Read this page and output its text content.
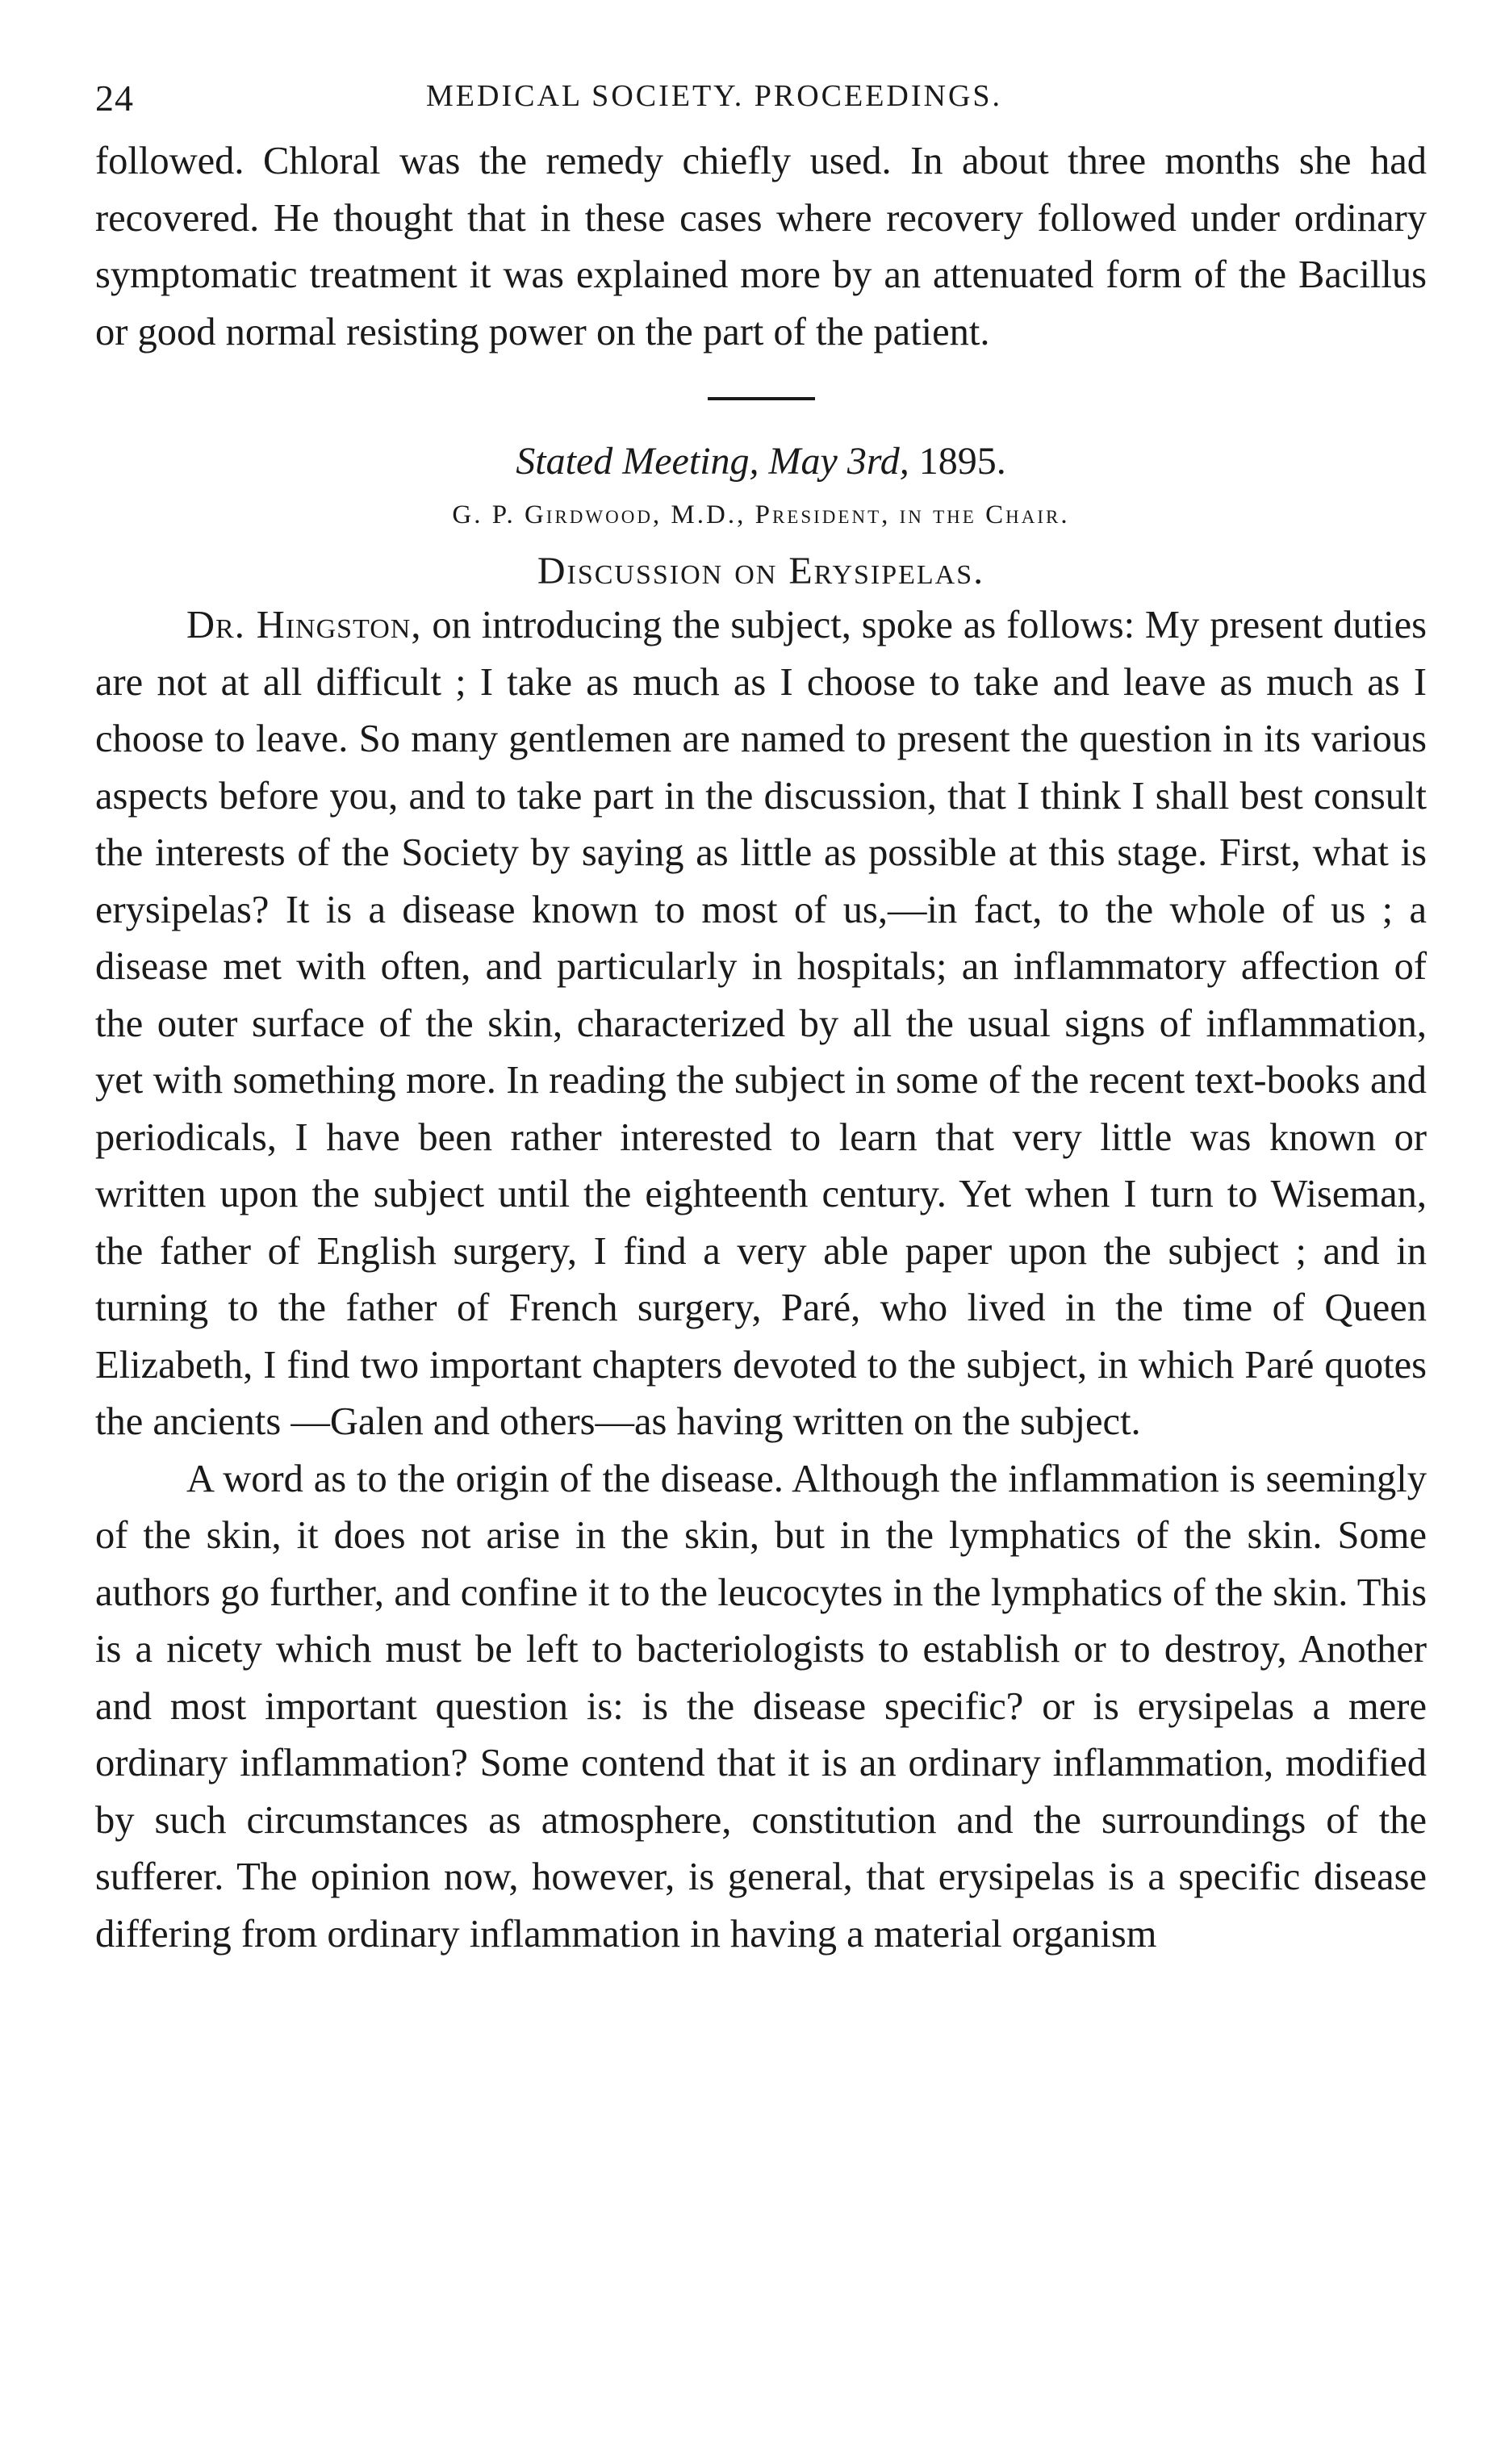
24	MEDICAL SOCIETY. PROCEEDINGS.

followed. Chloral was the remedy chiefly used. In about three months she had recovered. He thought that in these cases where recovery followed under ordinary symptomatic treatment it was explained more by an attenuated form of the Bacillus or good normal resisting power on the part of the patient.

Stated Meeting, May 3rd, 1895.
G. P. Girdwood, M.D., President, in the Chair.
Discussion on Erysipelas.

Dr. Hingston, on introducing the subject, spoke as follows: My present duties are not at all difficult ; I take as much as I choose to take and leave as much as I choose to leave. So many gentlemen are named to present the question in its various aspects before you, and to take part in the discussion, that I think I shall best consult the interests of the Society by saying as little as possible at this stage. First, what is erysipelas? It is a disease known to most of us,—in fact, to the whole of us ; a disease met with often, and particularly in hospitals; an inflammatory affection of the outer surface of the skin, characterized by all the usual signs of inflammation, yet with something more. In reading the subject in some of the recent text-books and periodicals, I have been rather interested to learn that very little was known or written upon the subject until the eighteenth century. Yet when I turn to Wiseman, the father of English surgery, I find a very able paper upon the subject ; and in turning to the father of French surgery, Paré, who lived in the time of Queen Elizabeth, I find two important chapters devoted to the subject, in which Paré quotes the ancients —Galen and others—as having written on the subject.

A word as to the origin of the disease. Although the inflammation is seemingly of the skin, it does not arise in the skin, but in the lymphatics of the skin. Some authors go further, and confine it to the leucocytes in the lymphatics of the skin. This is a nicety which must be left to bacteriologists to establish or to destroy, Another and most important question is: is the disease specific? or is erysipelas a mere ordinary inflammation? Some contend that it is an ordinary inflammation, modified by such circumstances as atmosphere, constitution and the surroundings of the sufferer. The opinion now, however, is general, that erysipelas is a specific disease differing from ordinary inflammation in having a material organism
